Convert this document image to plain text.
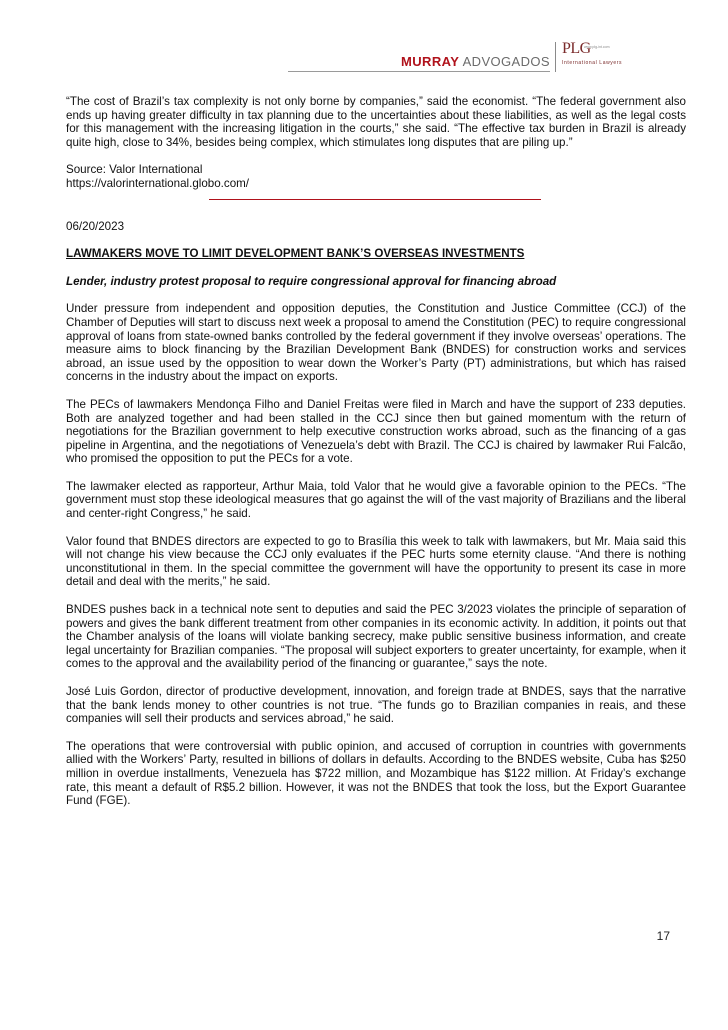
MURRAY ADVOGADOS
PLG
www.plg-int.com
International Lawyers

“The cost of Brazil’s tax complexity is not only borne by companies,” said the economist. “The federal government also ends up having greater difficulty in tax planning due to the uncertainties about these liabilities, as well as the legal costs for this management with the increasing litigation in the courts,” she said. “The effective tax burden in Brazil is already quite high, close to 34%, besides being complex, which stimulates long disputes that are piling up.”

Source: Valor International
https://valorinternational.globo.com/
06/20/2023
LAWMAKERS MOVE TO LIMIT DEVELOPMENT BANK’S OVERSEAS INVESTMENTS
Lender, industry protest proposal to require congressional approval for financing abroad

Under pressure from independent and opposition deputies, the Constitution and Justice Committee (CCJ) of the Chamber of Deputies will start to discuss next week a proposal to amend the Constitution (PEC) to require congressional approval of loans from state-owned banks controlled by the federal government if they involve overseas’ operations. The measure aims to block financing by the Brazilian Development Bank (BNDES) for construction works and services abroad, an issue used by the opposition to wear down the Worker’s Party (PT) administrations, but which has raised concerns in the industry about the impact on exports.

The PECs of lawmakers Mendonça Filho and Daniel Freitas were filed in March and have the support of 233 deputies. Both are analyzed together and had been stalled in the CCJ since then but gained momentum with the return of negotiations for the Brazilian government to help executive construction works abroad, such as the financing of a gas pipeline in Argentina, and the negotiations of Venezuela’s debt with Brazil. The CCJ is chaired by lawmaker Rui Falcão, who promised the opposition to put the PECs for a vote.

The lawmaker elected as rapporteur, Arthur Maia, told Valor that he would give a favorable opinion to the PECs. “The government must stop these ideological measures that go against the will of the vast majority of Brazilians and the liberal and center-right Congress,” he said.

Valor found that BNDES directors are expected to go to Brasília this week to talk with lawmakers, but Mr. Maia said this will not change his view because the CCJ only evaluates if the PEC hurts some eternity clause. “And there is nothing unconstitutional in them. In the special committee the government will have the opportunity to present its case in more detail and deal with the merits,” he said.

BNDES pushes back in a technical note sent to deputies and said the PEC 3/2023 violates the principle of separation of powers and gives the bank different treatment from other companies in its economic activity. In addition, it points out that the Chamber analysis of the loans will violate banking secrecy, make public sensitive business information, and create legal uncertainty for Brazilian companies. “The proposal will subject exporters to greater uncertainty, for example, when it comes to the approval and the availability period of the financing or guarantee,” says the note.

José Luis Gordon, director of productive development, innovation, and foreign trade at BNDES, says that the narrative that the bank lends money to other countries is not true. “The funds go to Brazilian companies in reais, and these companies will sell their products and services abroad,” he said.

The operations that were controversial with public opinion, and accused of corruption in countries with governments allied with the Workers’ Party, resulted in billions of dollars in defaults. According to the BNDES website, Cuba has $250 million in overdue installments, Venezuela has $722 million, and Mozambique has $122 million. At Friday’s exchange rate, this meant a default of R$5.2 billion. However, it was not the BNDES that took the loss, but the Export Guarantee Fund (FGE).

17
